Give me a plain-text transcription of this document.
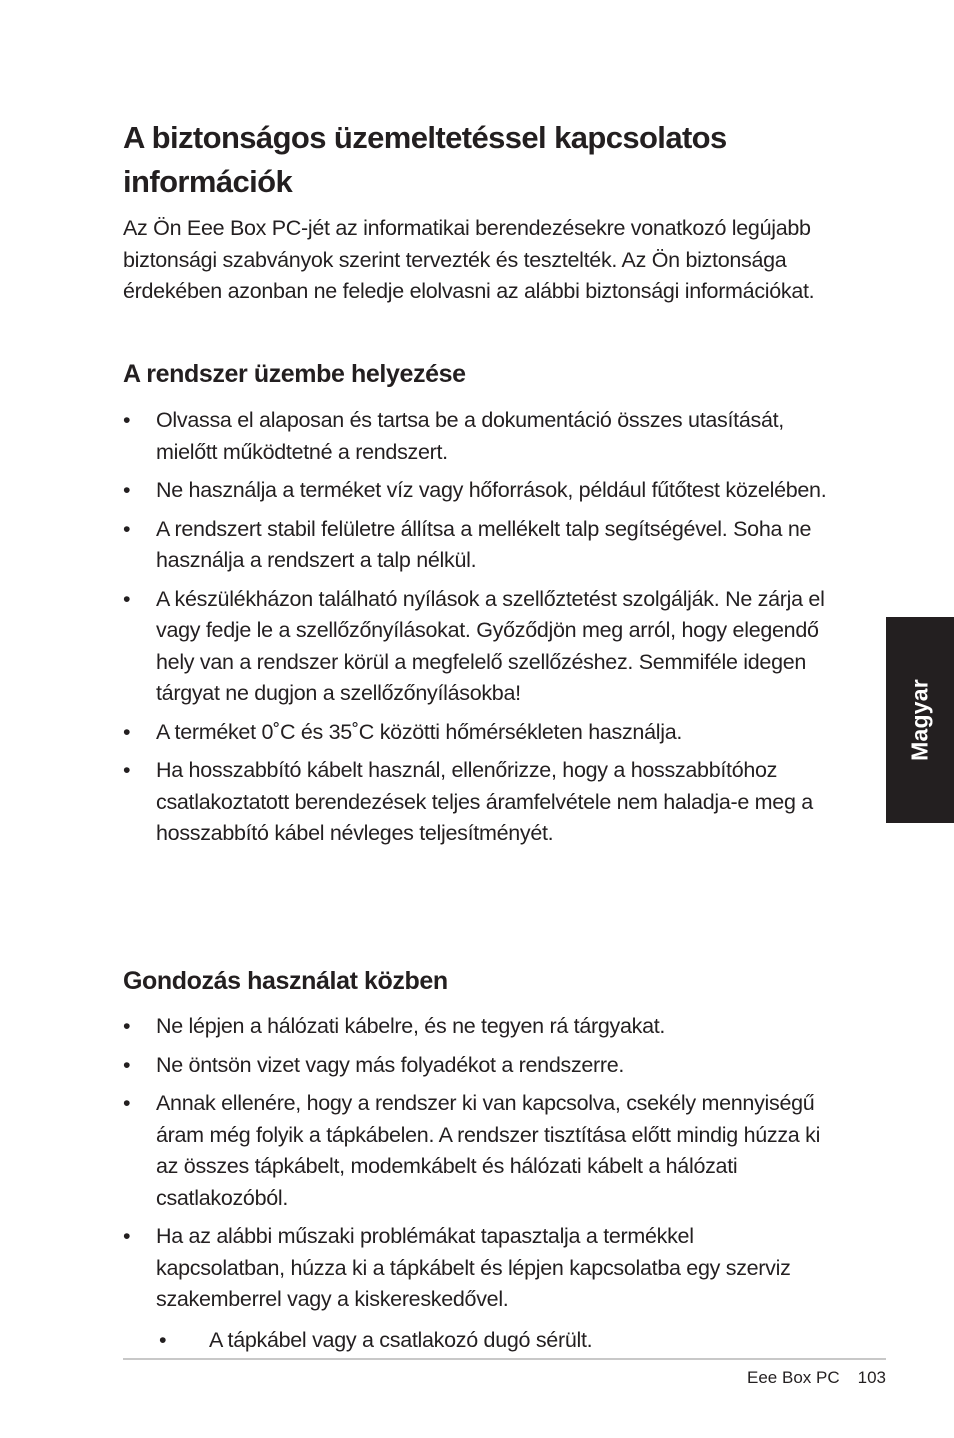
A biztonságos üzemeltetéssel kapcsolatos információk

Az Ön Eee Box PC-jét az informatikai berendezésekre vonatkozó legújabb biztonsági szabványok szerint tervezték és tesztelték. Az Ön biztonsága érdekében azonban ne feledje elolvasni az alábbi biztonsági információkat.

A rendszer üzembe helyezése
• Olvassa el alaposan és tartsa be a dokumentáció összes utasítását, mielőtt működtetné a rendszert.
• Ne használja a terméket víz vagy hőforrások, például fűtőtest közelében.
• A rendszert stabil felületre állítsa a mellékelt talp segítségével. Soha ne használja a rendszert a talp nélkül.
• A készülékházon található nyílások a szellőztetést szolgálják. Ne zárja el vagy fedje le a szellőzőnyílásokat. Győződjön meg arról, hogy elegendő hely van a rendszer körül a megfelelő szellőzéshez. Semmiféle idegen tárgyat ne dugjon a szellőzőnyílásokba!
• A terméket 0˚C és 35˚C közötti hőmérsékleten használja.
• Ha hosszabbító kábelt használ, ellenőrizze, hogy a hosszabbítóhoz csatlakoztatott berendezések teljes áramfelvétele nem haladja-e meg a hosszabbító kábel névleges teljesítményét.
Gondozás használat közben
• Ne lépjen a hálózati kábelre, és ne tegyen rá tárgyakat.
• Ne öntsön vizet vagy más folyadékot a rendszerre.
• Annak ellenére, hogy a rendszer ki van kapcsolva, csekély mennyiségű áram még folyik a tápkábelen. A rendszer tisztítása előtt mindig húzza ki az összes tápkábelt, modemkábelt és hálózati kábelt a hálózati csatlakozóból.
• Ha az alábbi műszaki problémákat tapasztalja a termékkel kapcsolatban, húzza ki a tápkábelt és lépjen kapcsolatba egy szerviz szakemberrel vagy a kiskereskedővel.
• A tápkábel vagy a csatlakozó dugó sérült.
Eee Box PC 103
Magyar
